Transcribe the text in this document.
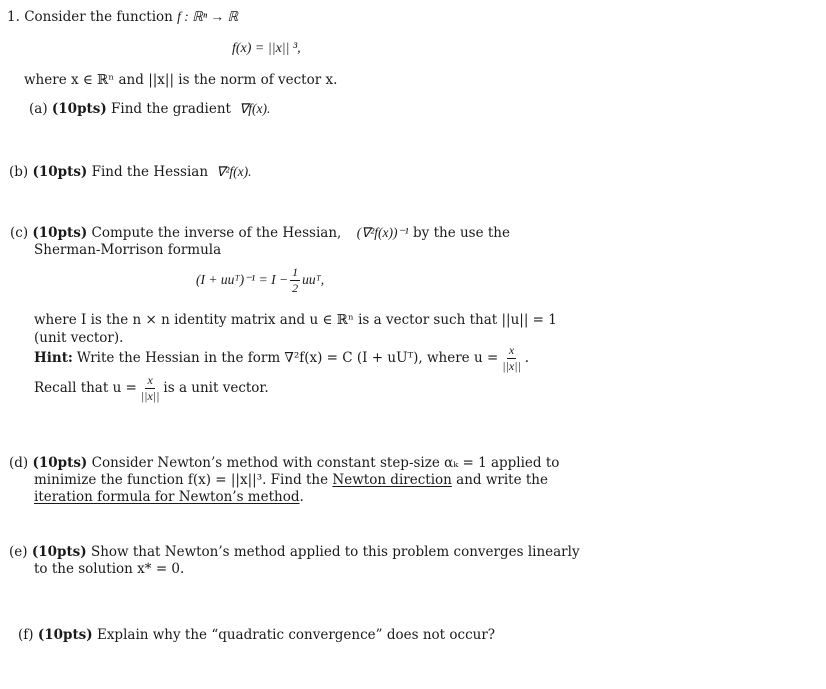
1. Consider the function f : ℝⁿ → ℝ
f(x) = ||x|| ³,
where x ∈ ℝⁿ and ||x|| is the norm of vector x.
(a) (10pts) Find the gradient ∇f(x).
(b) (10pts) Find the Hessian ∇²f(x).
(c) (10pts) Compute the inverse of the Hessian, (∇²f(x))⁻¹ by the use the
Sherman-Morrison formula
(I + uuᵀ)⁻¹ = $I - \frac{1}{2}$ uuᵀ,
where I is the n × n identity matrix and u ∈ ℝⁿ is a vector such that ||u|| = 1
(unit vector).
Hint: Write the Hessian in the form ∇²f(x) = C (I + uUᵀ), where $u = \frac{x}{||x||}$ .
Recall that $u = \frac{x}{||x||}$ is a unit vector.
(d) (10pts) Consider Newton’s method with constant step-size αₖ = 1 applied to
minimize the function f(x) = ||x||³. Find the Newton direction and write the
iteration formula for Newton’s method.
(e) (10pts) Show that Newton’s method applied to this problem converges linearly
to the solution x* = 0.
(f) (10pts) Explain why the “quadratic convergence” does not occur?
